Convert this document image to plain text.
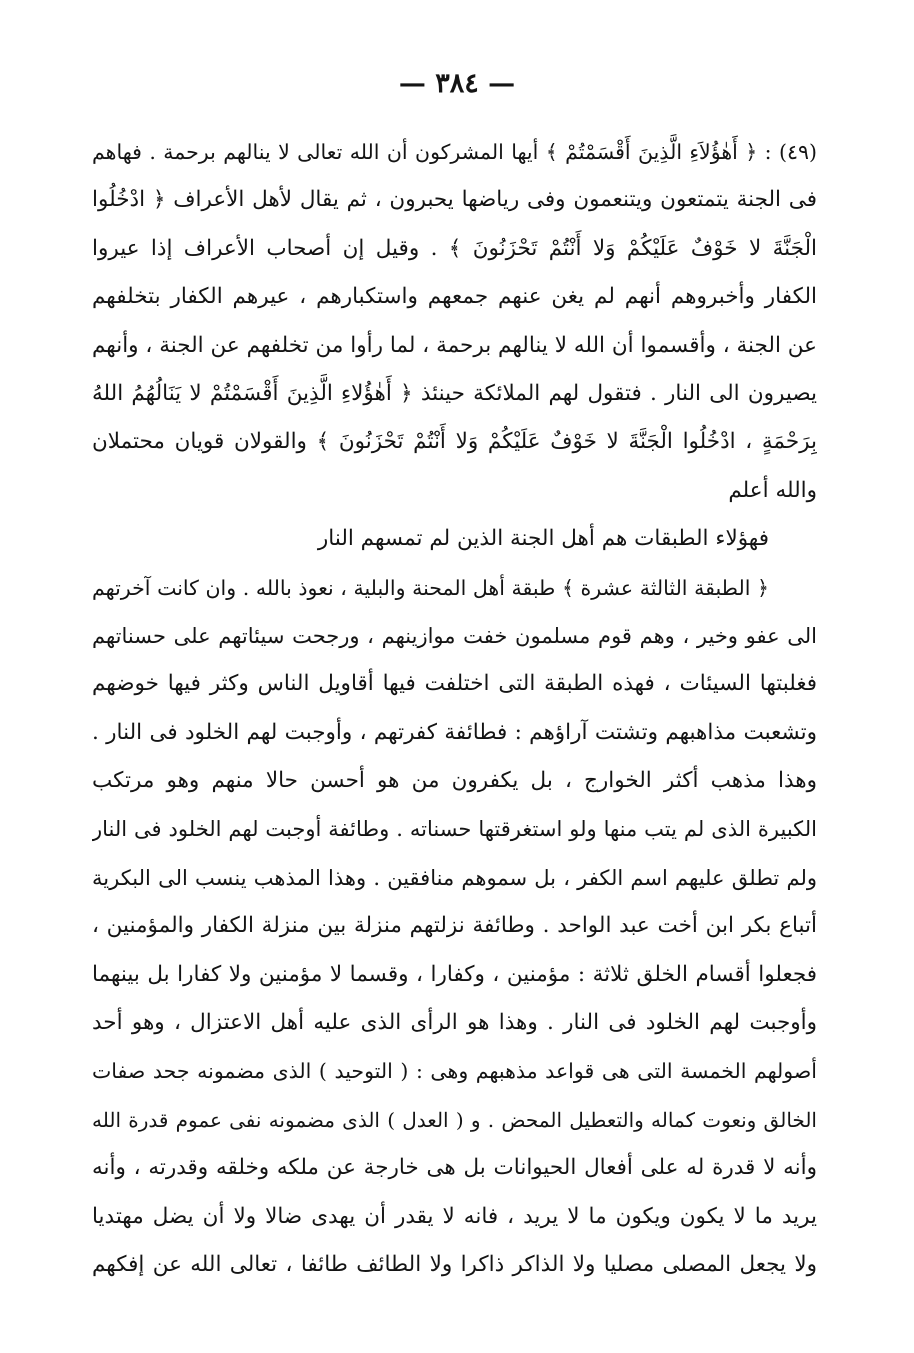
— ٣٨٤ —
(٤٩) : ﴿ أَهٰؤُلاَءِ الَّذِينَ أَقْسَمْتُمْ ﴾ أيها المشركون أن الله تعالى لا ينالهم برحمة . فهاهم
فى الجنة يتمتعون ويتنعمون وفى رياضها يحبرون ، ثم يقال لأهل الأعراف ﴿ ادْخُلُوا
الْجَنَّةَ لا خَوْفٌ عَلَيْكُمْ وَلا أَنْتُمْ تَحْزَنُونَ ﴾ . وقيل إن أصحاب الأعراف إذا عيروا
الكفار وأخبروهم أنهم لم يغن عنهم جمعهم واستكبارهم ، عيرهم الكفار بتخلفهم
عن الجنة ، وأقسموا أن الله لا ينالهم برحمة ، لما رأوا من تخلفهم عن الجنة ، وأنهم
يصيرون الى النار . فتقول لهم الملائكة حينئذ ﴿ أَهٰؤُلاءِ الَّذِينَ أَقْسَمْتُمْ لا يَنَالُهُمُ اللهُ
بِرَحْمَةٍ ، ادْخُلُوا الْجَنَّةَ لا خَوْفٌ عَلَيْكُمْ وَلا أَنْتُمْ تَحْزَنُونَ ﴾ والقولان قويان محتملان
والله أعلم
فهؤلاء الطبقات هم أهل الجنة الذين لم تمسهم النار
﴿ الطبقة الثالثة عشرة ﴾ طبقة أهل المحنة والبلية ، نعوذ بالله . وان كانت آخرتهم
الى عفو وخير ، وهم قوم مسلمون خفت موازينهم ، ورجحت سيئاتهم على حسناتهم
فغلبتها السيئات ، فهذه الطبقة التى اختلفت فيها أقاويل الناس وكثر فيها خوضهم
وتشعبت مذاهبهم وتشتت آراؤهم : فطائفة كفرتهم ، وأوجبت لهم الخلود فى النار .
وهذا مذهب أكثر الخوارج ، بل يكفرون من هو أحسن حالا منهم وهو مرتكب
الكبيرة الذى لم يتب منها ولو استغرقتها حسناته . وطائفة أوجبت لهم الخلود فى النار
ولم تطلق عليهم اسم الكفر ، بل سموهم منافقين . وهذا المذهب ينسب الى البكرية
أتباع بكر ابن أخت عبد الواحد . وطائفة نزلتهم منزلة بين منزلة الكفار والمؤمنين ،
فجعلوا أقسام الخلق ثلاثة : مؤمنين ، وكفارا ، وقسما لا مؤمنين ولا كفارا بل بينهما
وأوجبت لهم الخلود فى النار . وهذا هو الرأى الذى عليه أهل الاعتزال ، وهو أحد
أصولهم الخمسة التى هى قواعد مذهبهم وهى : ( التوحيد ) الذى مضمونه جحد صفات
الخالق ونعوت كماله والتعطيل المحض . و ( العدل ) الذى مضمونه نفى عموم قدرة الله
وأنه لا قدرة له على أفعال الحيوانات بل هى خارجة عن ملكه وخلقه وقدرته ، وأنه
يريد ما لا يكون ويكون ما لا يريد ، فانه لا يقدر أن يهدى ضالا ولا أن يضل مهتديا
ولا يجعل المصلى مصليا ولا الذاكر ذاكرا ولا الطائف طائفا ، تعالى الله عن إفكهم
